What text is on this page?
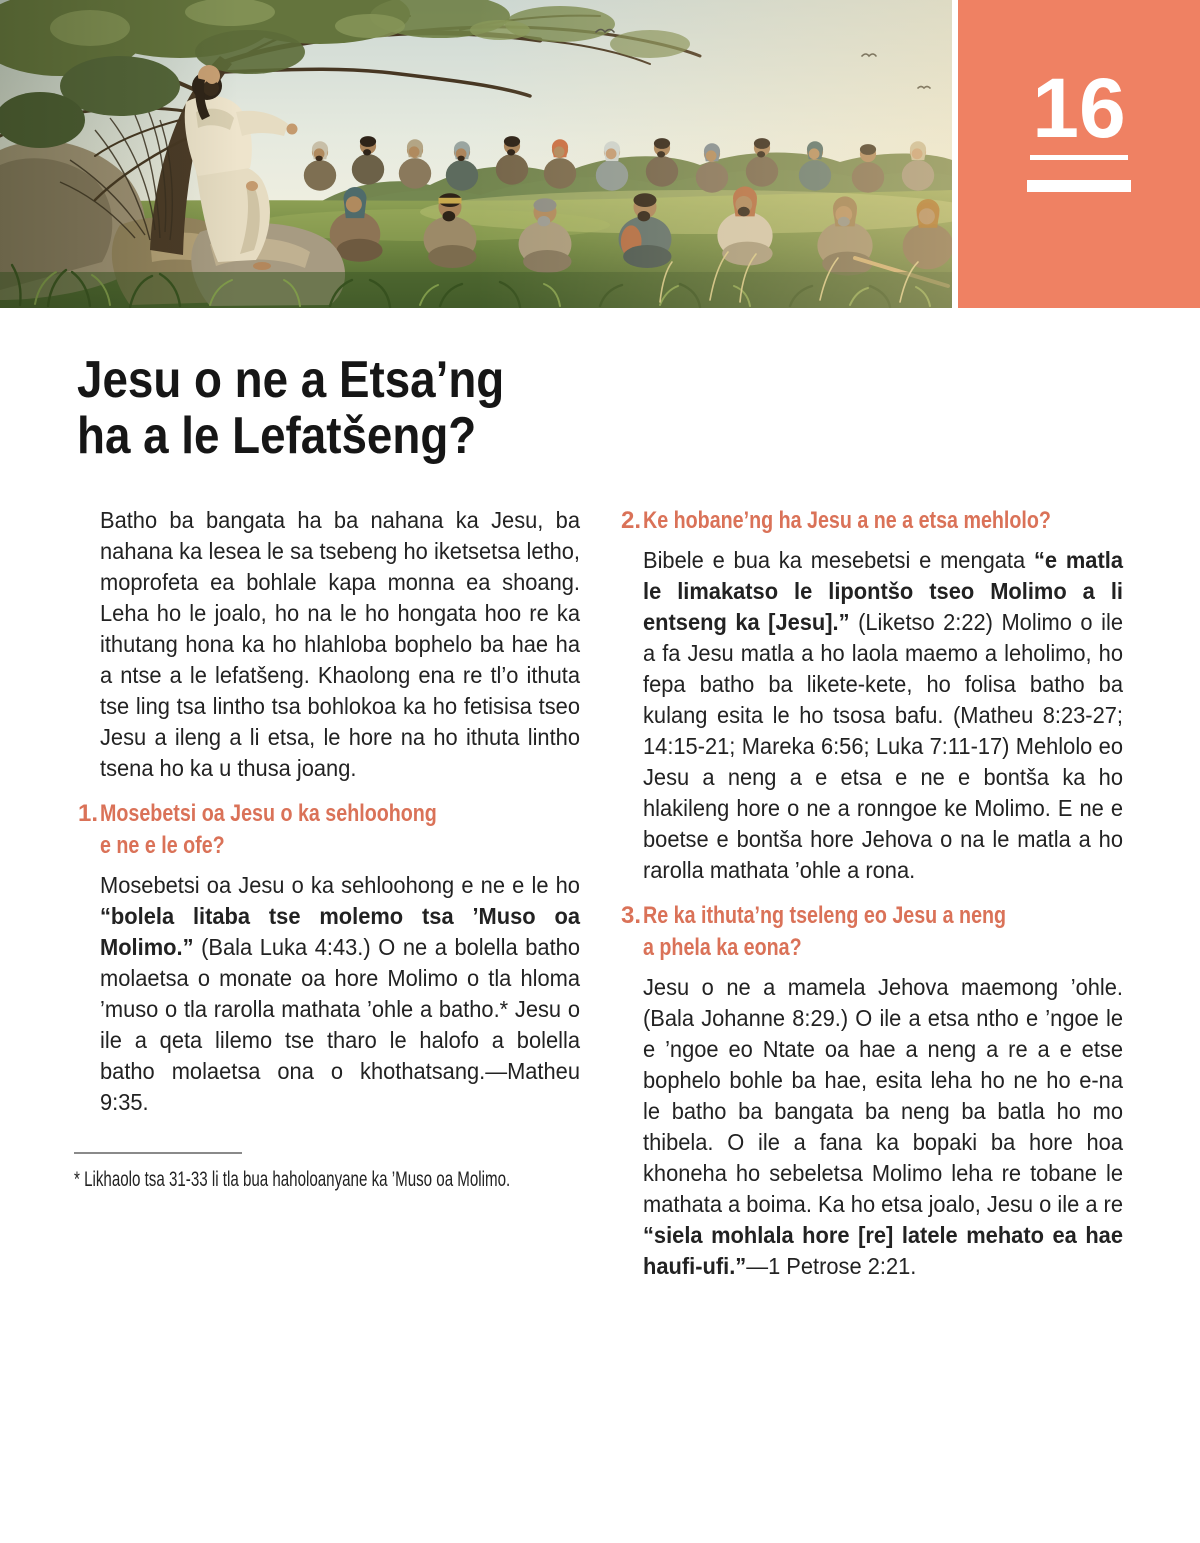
16
Jesu o ne a Etsa’ng
ha a le Lefatšeng?
Batho ba bangata ha ba nahana ka Jesu, ba nahana ka lesea le sa tsebeng ho iketsetsa letho, moprofeta ea bohlale kapa monna ea shoang. Leha ho le joalo, ho na le ho hongata hoo re ka ithutang hona ka ho hlahloba bophelo ba hae ha a ntse a le lefatšeng. Khaolong ena re tl’o ithuta tse ling tsa lintho tsa bohlokoa ka ho fetisisa tseo Jesu a ileng a li etsa, le hore na ho ithuta lintho tsena ho ka u thusa joang.
1. Mosebetsi oa Jesu o ka sehloohong
e ne e le ofe?
Mosebetsi oa Jesu o ka sehloohong e ne e le ho “bolela litaba tse molemo tsa ’Muso oa Molimo.” (Bala Luka 4:43.) O ne a bolella batho molaetsa o monate oa hore Molimo o tla hloma ’muso o tla rarolla mathata ’ohle a batho.* Jesu o ile a qeta lilemo tse tharo le halofo a bolella batho molaetsa ona o khothatsang.—Matheu 9:35.
* Likhaolo tsa 31-33 li tla bua haholoanyane ka ’Muso oa Molimo.
2. Ke hobane’ng ha Jesu a ne a etsa mehlolo?
Bibele e bua ka mesebetsi e mengata “e matla le limakatso le lipontšo tseo Molimo a li entseng ka [Jesu].” (Liketso 2:22) Molimo o ile a fa Jesu matla a ho laola maemo a leholimo, ho fepa batho ba likete-kete, ho folisa batho ba kulang esita le ho tsosa bafu. (Matheu 8:23-27; 14:15-21; Mareka 6:56; Luka 7:11-17) Mehlolo eo Jesu a neng a e etsa e ne e bontša ka ho hlakileng hore o ne a ronngoe ke Molimo. E ne e boetse e bontša hore Jehova o na le matla a ho rarolla mathata ’ohle a rona.
3. Re ka ithuta’ng tseleng eo Jesu a neng
a phela ka eona?
Jesu o ne a mamela Jehova maemong ’ohle. (Bala Johanne 8:29.) O ile a etsa ntho e ’ngoe le e ’ngoe eo Ntate oa hae a neng a re a e etse bophelo bohle ba hae, esita leha ho ne ho e-na le batho ba bangata ba neng ba batla ho mo thibela. O ile a fana ka bopaki ba hore hoa khoneha ho sebeletsa Molimo leha re tobane le mathata a boima. Ka ho etsa joalo, Jesu o ile a re “siela mohlala hore [re] latele mehato ea hae haufi-ufi.”—1 Petrose 2:21.
